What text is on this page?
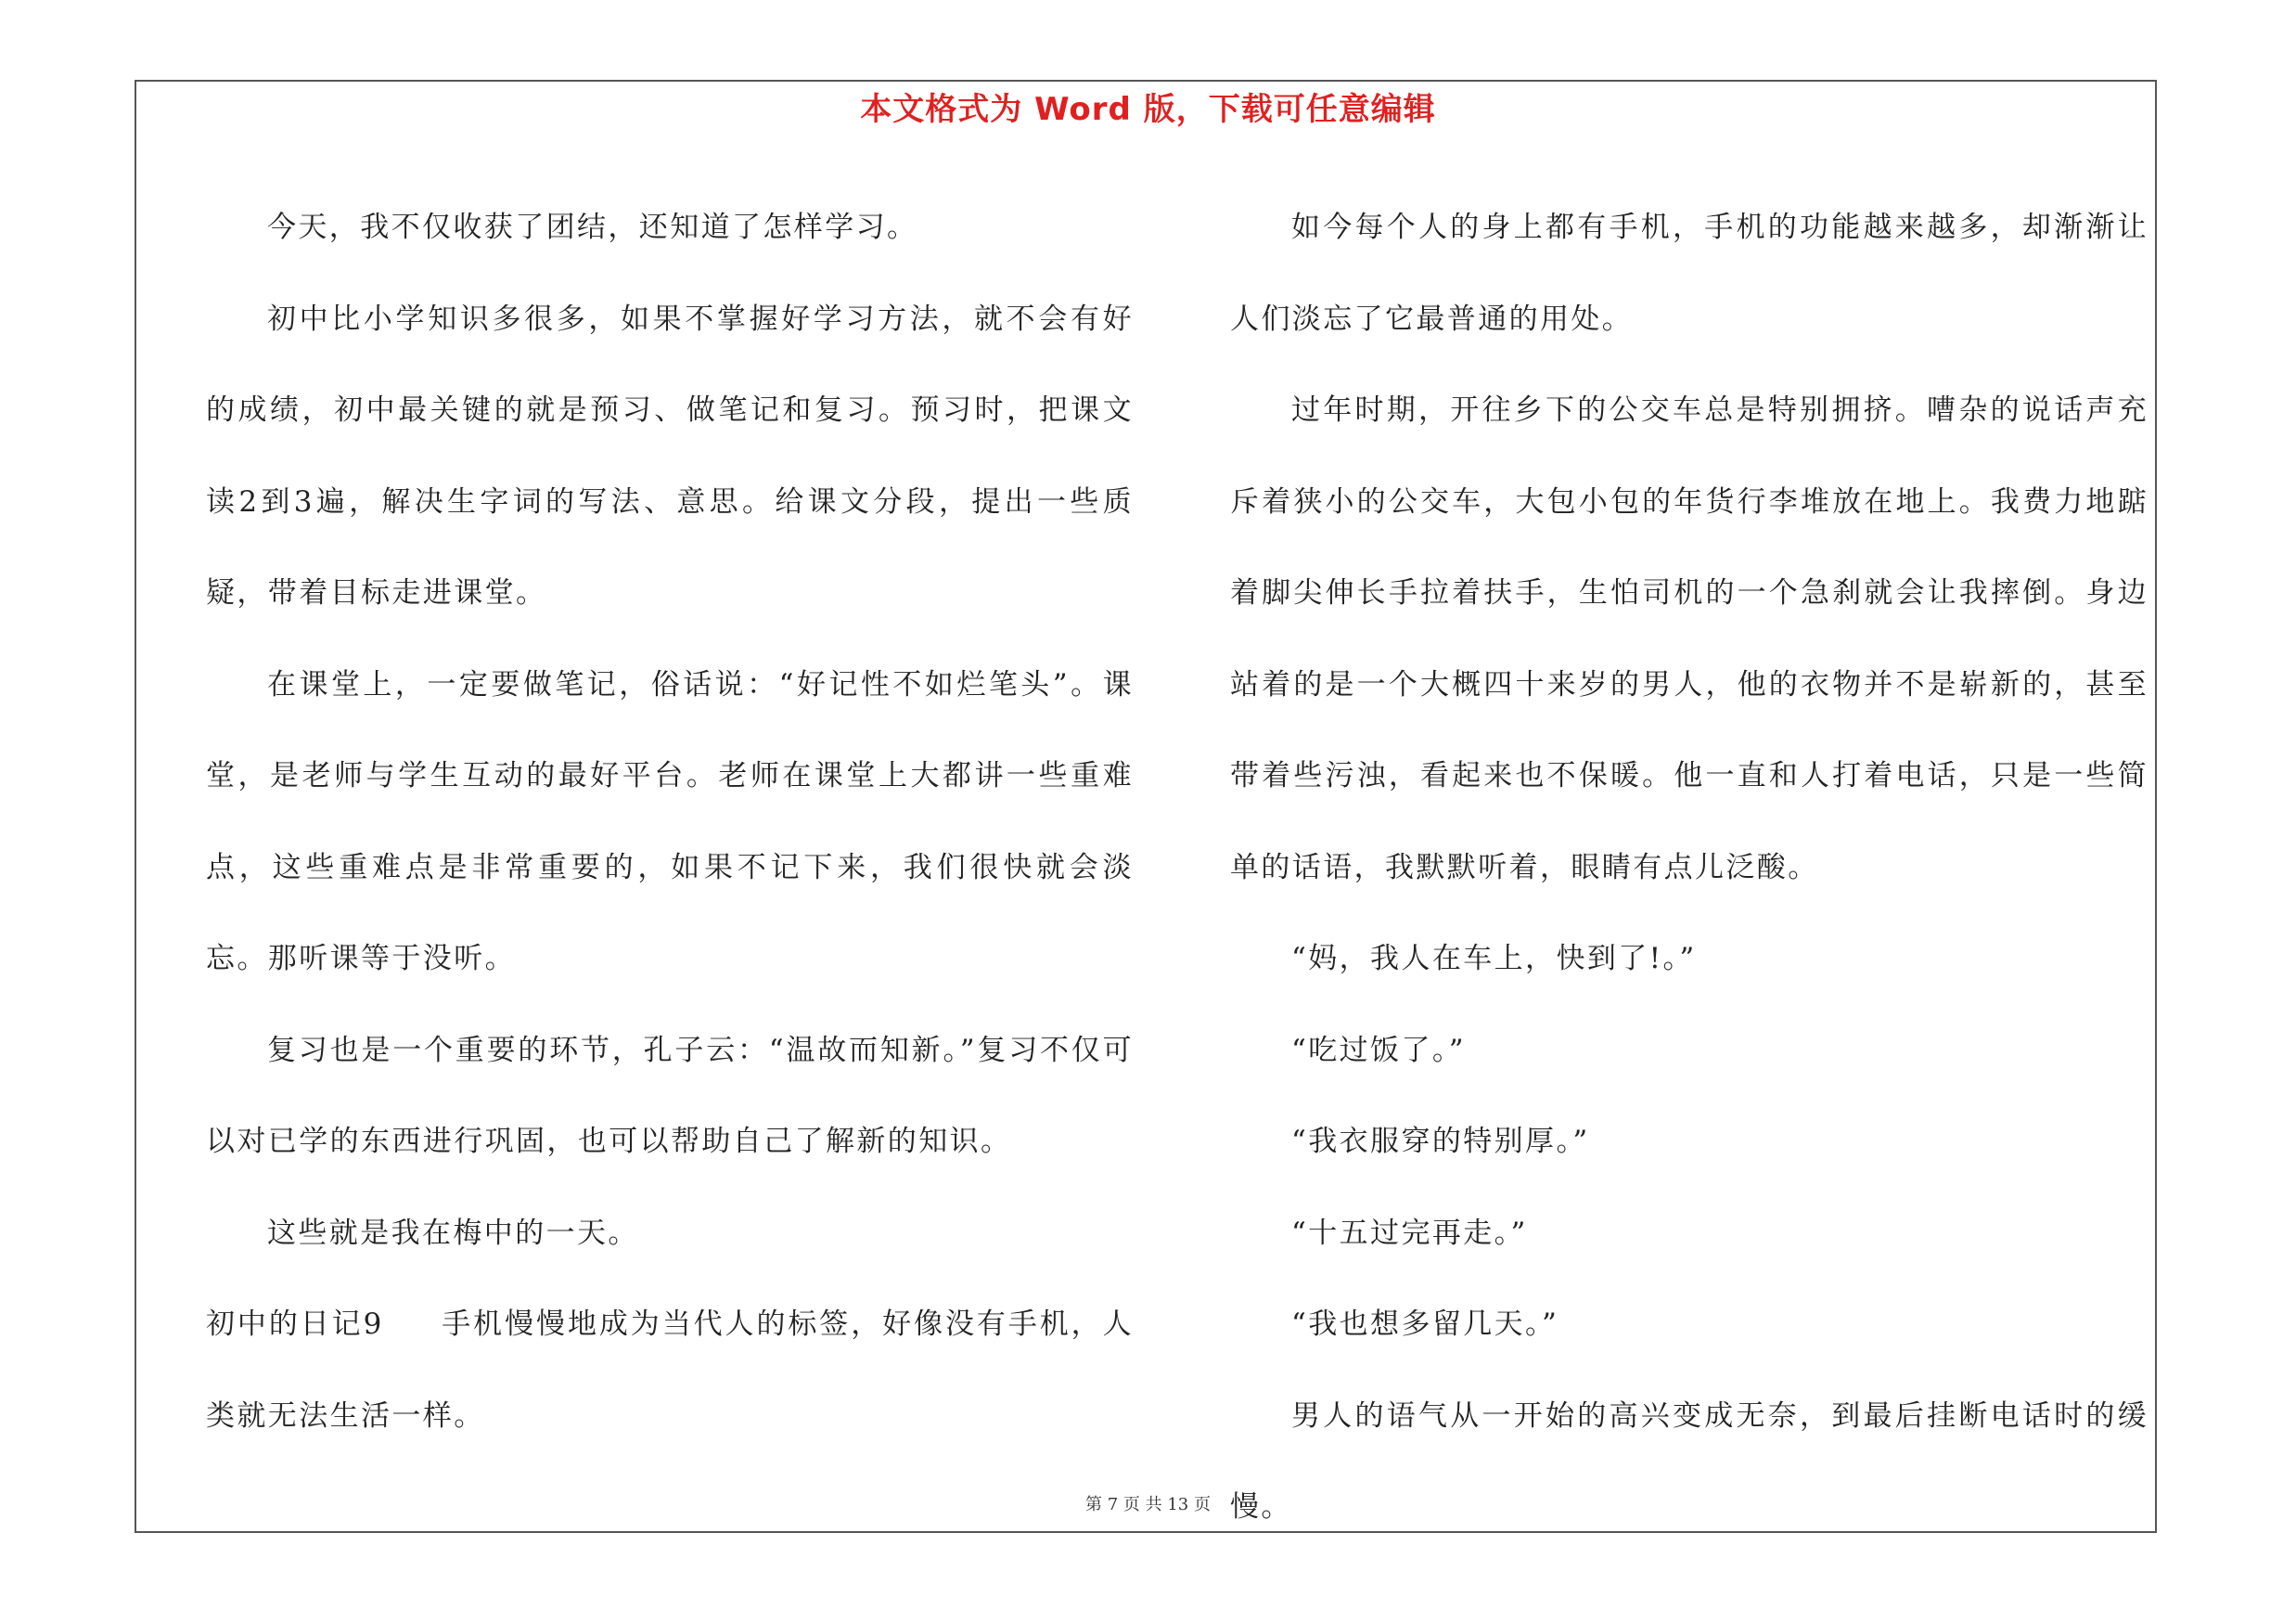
本文格式为 Word 版，下载可任意编辑

今天，我不仅收获了团结，还知道了怎样学习。

初中比小学知识多很多，如果不掌握好学习方法，就不会有好的成绩，初中最关键的就是预习、做笔记和复习。预习时，把课文读2到3遍，解决生字词的写法、意思。给课文分段，提出一些质疑，带着目标走进课堂。

在课堂上，一定要做笔记，俗话说：“好记性不如烂笔头”。课堂，是老师与学生互动的最好平台。老师在课堂上大都讲一些重难点，这些重难点是非常重要的，如果不记下来，我们很快就会淡忘。那听课等于没听。

复习也是一个重要的环节，孔子云：“温故而知新。”复习不仅可以对已学的东西进行巩固，也可以帮助自己了解新的知识。

这些就是我在梅中的一天。

初中的日记9 手机慢慢地成为当代人的标签，好像没有手机，人类就无法生活一样。

如今每个人的身上都有手机，手机的功能越来越多，却渐渐让人们淡忘了它最普通的用处。

过年时期，开往乡下的公交车总是特别拥挤。嘈杂的说话声充斥着狭小的公交车，大包小包的年货行李堆放在地上。我费力地踮着脚尖伸长手拉着扶手，生怕司机的一个急刹就会让我摔倒。身边站着的是一个大概四十来岁的男人，他的衣物并不是崭新的，甚至带着些污浊，看起来也不保暖。他一直和人打着电话，只是一些简单的话语，我默默听着，眼睛有点儿泛酸。

“妈，我人在车上，快到了!。”

“吃过饭了。”

“我衣服穿的特别厚。”

“十五过完再走。”

“我也想多留几天。”

男人的语气从一开始的高兴变成无奈，到最后挂断电话时的缓慢。

第 7 页 共 13 页
